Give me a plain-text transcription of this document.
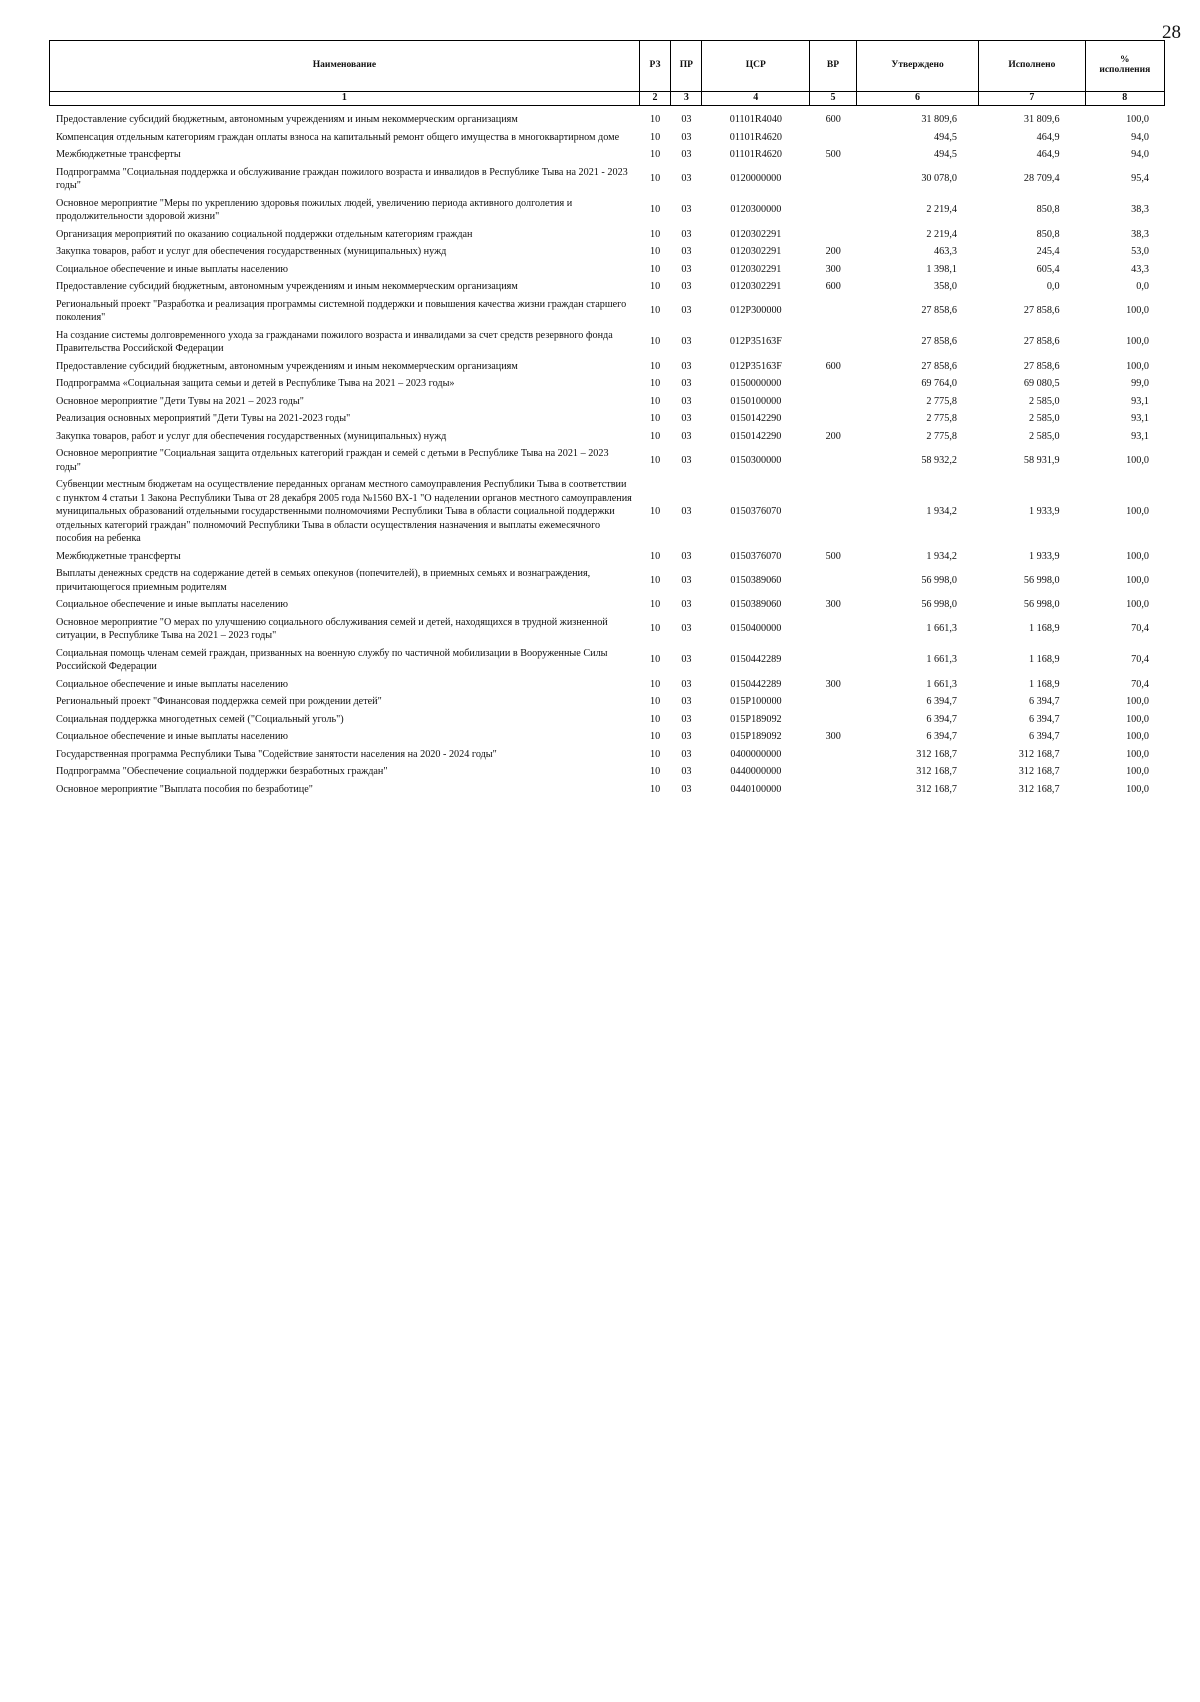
28
Наименование	РЗ	ПР	ЦСР	ВР	Утверждено	Исполнено	%
исполнения

1	2	3	4	5	6	7	8
Предоставление субсидий бюджетным, автономным учреждениям и иным некоммерческим организациям	10	03	01101R4040	600	31 809,6	31 809,6	100,0
Компенсация отдельным категориям граждан оплаты взноса на капитальный ремонт общего имущества в многоквартирном доме	10	03	01101R4620		494,5	464,9	94,0
Межбюджетные трансферты	10	03	01101R4620	500	494,5	464,9	94,0
Подпрограмма "Социальная поддержка и обслуживание граждан пожилого возраста и инвалидов в Республике Тыва на 2021 - 2023 годы"	10	03	0120000000		30 078,0	28 709,4	95,4
Основное мероприятие "Меры по укреплению здоровья пожилых людей, увеличению периода активного долголетия и продолжительности здоровой жизни"	10	03	0120300000		2 219,4	850,8	38,3
Организация мероприятий по оказанию социальной поддержки отдельным категориям граждан	10	03	0120302291		2 219,4	850,8	38,3
Закупка товаров, работ и услуг для обеспечения государственных (муниципальных) нужд	10	03	0120302291	200	463,3	245,4	53,0
Социальное обеспечение и иные выплаты населению	10	03	0120302291	300	1 398,1	605,4	43,3
Предоставление субсидий бюджетным, автономным учреждениям и иным некоммерческим организациям	10	03	0120302291	600	358,0	0,0	0,0
Региональный проект "Разработка и реализация программы системной поддержки и повышения качества жизни граждан старшего поколения"	10	03	012P300000		27 858,6	27 858,6	100,0
На создание системы долговременного ухода за гражданами пожилого возраста и инвалидами за счет средств резервного фонда Правительства Российской Федерации	10	03	012P35163F		27 858,6	27 858,6	100,0
Предоставление субсидий бюджетным, автономным учреждениям и иным некоммерческим организациям	10	03	012P35163F	600	27 858,6	27 858,6	100,0
Подпрограмма «Социальная защита семьи и детей в Республике Тыва на 2021 – 2023 годы»	10	03	0150000000		69 764,0	69 080,5	99,0
Основное мероприятие "Дети Тувы на 2021 – 2023 годы"	10	03	0150100000		2 775,8	2 585,0	93,1
Реализация основных мероприятий "Дети Тувы на 2021-2023 годы"	10	03	0150142290		2 775,8	2 585,0	93,1
Закупка товаров, работ и услуг для обеспечения государственных (муниципальных) нужд	10	03	0150142290	200	2 775,8	2 585,0	93,1
Основное мероприятие "Социальная защита отдельных категорий граждан и семей с детьми в Республике Тыва на 2021 – 2023 годы"	10	03	0150300000		58 932,2	58 931,9	100,0
Субвенции местным бюджетам на осуществление переданных органам местного самоуправления Республики Тыва в соответствии с пунктом 4 статьи 1 Закона Республики Тыва от 28 декабря 2005 года №1560 ВХ-1 "О наделении органов местного самоуправления муниципальных образований отдельными государственными полномочиями Республики Тыва в области социальной поддержки отдельных категорий граждан" полномочий Республики Тыва в области осуществления назначения и выплаты ежемесячного пособия на ребенка	10	03	0150376070		1 934,2	1 933,9	100,0
Межбюджетные трансферты	10	03	0150376070	500	1 934,2	1 933,9	100,0
Выплаты денежных средств на содержание детей в семьях опекунов (попечителей), в приемных семьях и вознаграждения, причитающегося приемным родителям	10	03	0150389060		56 998,0	56 998,0	100,0
Социальное обеспечение и иные выплаты населению	10	03	0150389060	300	56 998,0	56 998,0	100,0
Основное мероприятие "О мерах по улучшению социального обслуживания семей и детей, находящихся в трудной жизненной ситуации, в Республике Тыва на 2021 – 2023 годы"	10	03	0150400000		1 661,3	1 168,9	70,4
Социальная помощь членам семей граждан, призванных на военную службу по частичной мобилизации в Вооруженные Силы Российской Федерации	10	03	0150442289		1 661,3	1 168,9	70,4
Социальное обеспечение и иные выплаты населению	10	03	0150442289	300	1 661,3	1 168,9	70,4
Региональный проект "Финансовая поддержка семей при рождении детей"	10	03	015P100000		6 394,7	6 394,7	100,0
Социальная поддержка многодетных семей ("Социальный уголь")	10	03	015P189092		6 394,7	6 394,7	100,0
Социальное обеспечение и иные выплаты населению	10	03	015P189092	300	6 394,7	6 394,7	100,0
Государственная программа Республики Тыва "Содействие занятости населения на 2020 - 2024 годы"	10	03	0400000000		312 168,7	312 168,7	100,0
Подпрограмма "Обеспечение социальной поддержки безработных граждан"	10	03	0440000000		312 168,7	312 168,7	100,0
Основное мероприятие "Выплата пособия по безработице"	10	03	0440100000		312 168,7	312 168,7	100,0
